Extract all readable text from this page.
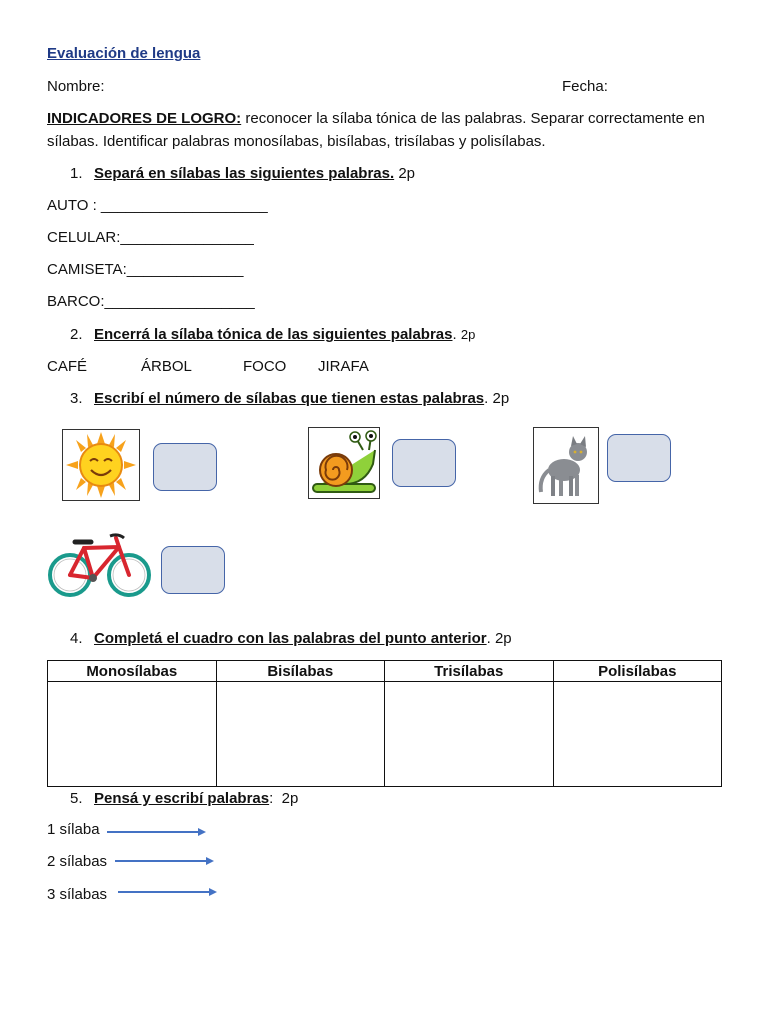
Evaluación de lengua
Nombre:	Fecha:
INDICADORES DE LOGRO: reconocer la sílaba tónica de las palabras. Separar correctamente en sílabas. Identificar palabras monosílabas, bisílabas, trisílabas y polisílabas.
1. Separá en sílabas las siguientes palabras. 2p
AUTO : ____________________
CELULAR:________________
CAMISETA:______________
BARCO:__________________
2. Encerrá la sílaba tónica de las siguientes palabras. 2p
CAFÉ	ÁRBOL	FOCO JIRAFA
3. Escribí el número de sílabas que tienen estas palabras. 2p
4. Completá el cuadro con las palabras del punto anterior. 2p
Monosílabas	Bisílabas	Trisílabas	Polisílabas

5. Pensá y escribí palabras: 2p
1 sílaba
2 sílabas
3 sílabas
